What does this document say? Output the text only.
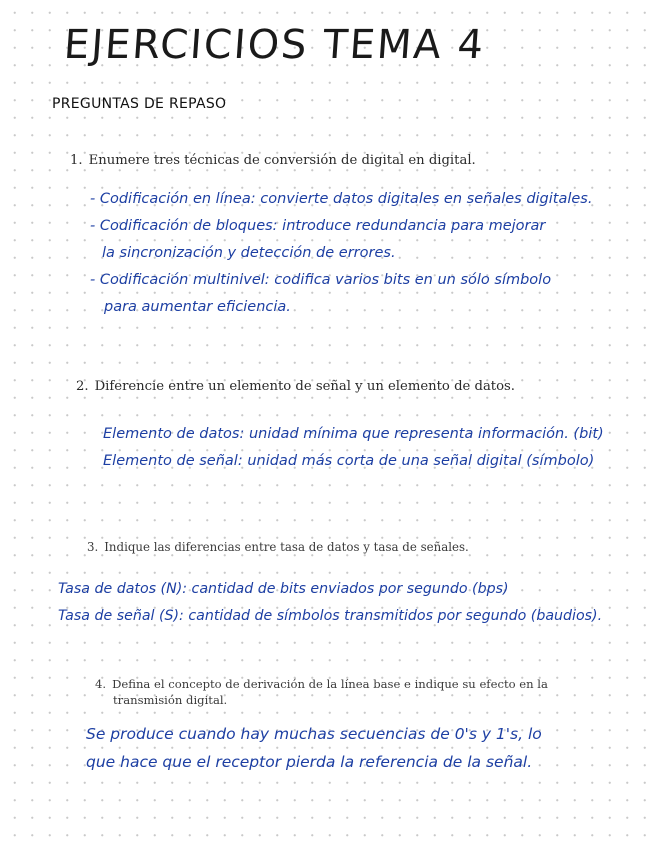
EJERCICIOS TEMA 4
PREGUNTAS DE REPASO

1. Enumere tres técnicas de conversión de digital en digital.

- Codificación en línea: convierte datos digitales en señales digitales.
- Codificación de bloques: introduce redundancia para mejorar
la sincronización y detección de errores.
- Codificación multinivel: codifica varios bits en un sólo símbolo
para aumentar eficiencia.

2. Diferencie entre un elemento de señal y un elemento de datos.

Elemento de datos: unidad mínima que representa información. (bit)
Elemento de señal: unidad más corta de una señal digital (símbolo)

3. Indique las diferencias entre tasa de datos y tasa de señales.

Tasa de datos (N): cantidad de bits enviados por segundo (bps)
Tasa de señal (S): cantidad de símbolos transmitidos por segundo (baudios).

4. Defina el concepto de derivación de la línea base e indique su efecto en la
transmisión digital.

Se produce cuando hay muchas secuencias de 0's y 1's, lo
que hace que el receptor pierda la referencia de la señal.
